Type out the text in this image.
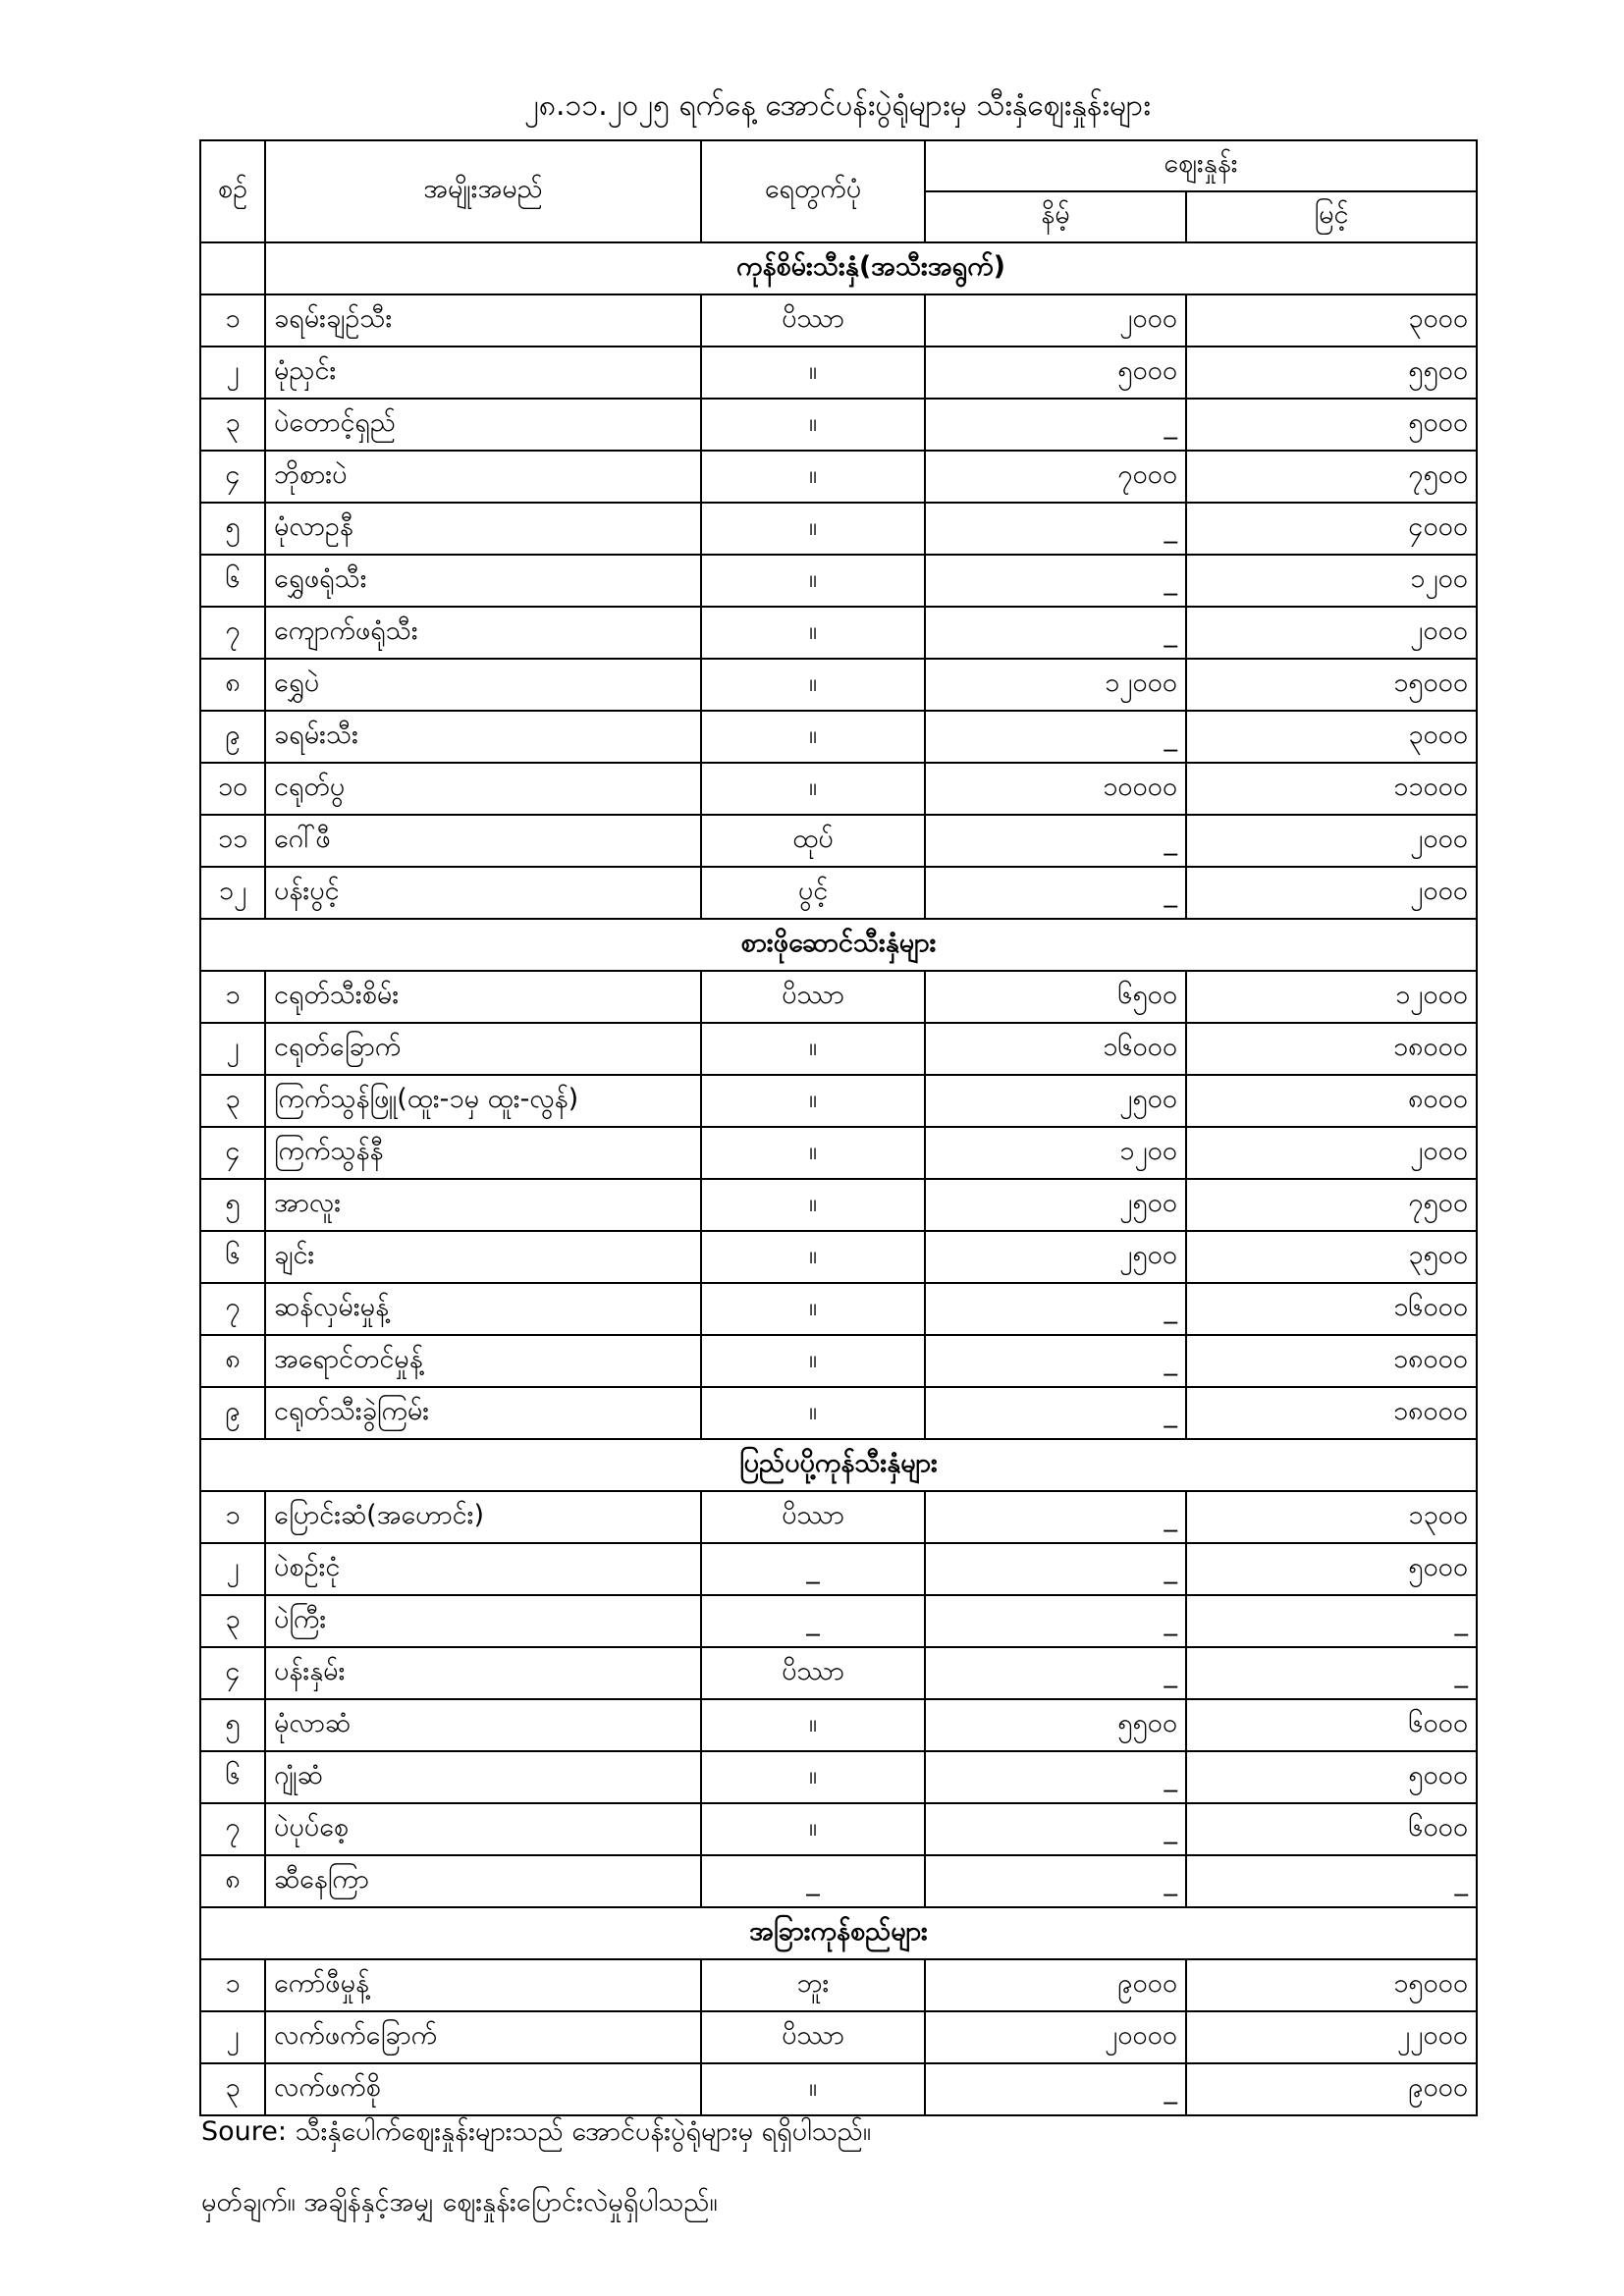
၂၈.၁၁.၂၀၂၅ ရက်နေ့ အောင်ပန်းပွဲရုံများမှ သီးနှံဈေးနှုန်းများ
စဉ်	အမျိုးအမည်	ရေတွက်ပုံ	ဈေးနှုန်း	
			နိမ့်	မြင့်
	ကုန်စိမ်းသီးနှံ(အသီးအရွက်)			
၁	ခရမ်းချဉ်သီး	ပိဿာ	၂၀၀၀	၃၀၀၀
၂	မုံညှင်း	။	၅၀၀၀	၅၅၀၀
၃	ပဲတောင့်ရှည်	။	_	၅၀၀၀
၄	ဘိုစားပဲ	။	၇၀၀၀	၇၅၀၀
၅	မုံလာဥနီ	။	_	၄၀၀၀
၆	ရွှေဖရုံသီး	။	_	၁၂၀၀
၇	ကျောက်ဖရုံသီး	။	_	၂၀၀၀
၈	ရွှေပဲ	။	၁၂၀၀၀	၁၅၀၀၀
၉	ခရမ်းသီး	။	_	၃၀၀၀
၁၀	ငရုတ်ပွ	။	၁၀၀၀၀	၁၁၀၀၀
၁၁	ဂေါ်ဖီ	ထုပ်	_	၂၀၀၀
၁၂	ပန်းပွင့်	ပွင့်	_	၂၀၀၀
စားဖိုဆောင်သီးနှံများ				
၁	ငရုတ်သီးစိမ်း	ပိဿာ	၆၅၀၀	၁၂၀၀၀
၂	ငရုတ်ခြောက်	။	၁၆၀၀၀	၁၈၀၀၀
၃	ကြက်သွန်ဖြူ(ထူး-၁မှ ထူး-လွန်)	။	၂၅၀၀	၈၀၀၀
၄	ကြက်သွန်နီ	။	၁၂၀၀	၂၀၀၀
၅	အာလူး	။	၂၅၀၀	၇၅၀၀
၆	ချင်း	။	၂၅၀၀	၃၅၀၀
၇	ဆန်လှမ်းမှုန့်	။	_	၁၆၀၀၀
၈	အရောင်တင်မှုန့်	။	_	၁၈၀၀၀
၉	ငရုတ်သီးခွဲကြမ်း	။	_	၁၈၀၀၀
ပြည်ပပို့ကုန်သီးနှံများ				
၁	ပြောင်းဆံ(အဟောင်း)	ပိဿာ	_	၁၃၀၀
၂	ပဲစဉ်းငုံ	_	_	၅၀၀၀
၃	ပဲကြီး	_	_	_
၄	ပန်းနှမ်း	ပိဿာ	_	_
၅	မုံလာဆံ	။	၅၅၀၀	၆၀၀၀
၆	ဂျုံဆံ	။	_	၅၀၀၀
၇	ပဲပုပ်စေ့	။	_	၆၀၀၀
၈	ဆီနေကြာ	_	_	_
အခြားကုန်စည်များ				
၁	ကော်ဖီမှုန့်	ဘူး	၉၀၀၀	၁၅၀၀၀
၂	လက်ဖက်ခြောက်	ပိဿာ	၂၀၀၀၀	၂၂၀၀၀
၃	လက်ဖက်စို	။	_	၉၀၀၀
Soure: သီးနှံပေါက်ဈေးနှုန်းများသည် အောင်ပန်းပွဲရုံများမှ ရရှိပါသည်။
မှတ်ချက်။ အချိန်နှင့်အမျှ ဈေးနှုန်းပြောင်းလဲမှုရှိပါသည်။
